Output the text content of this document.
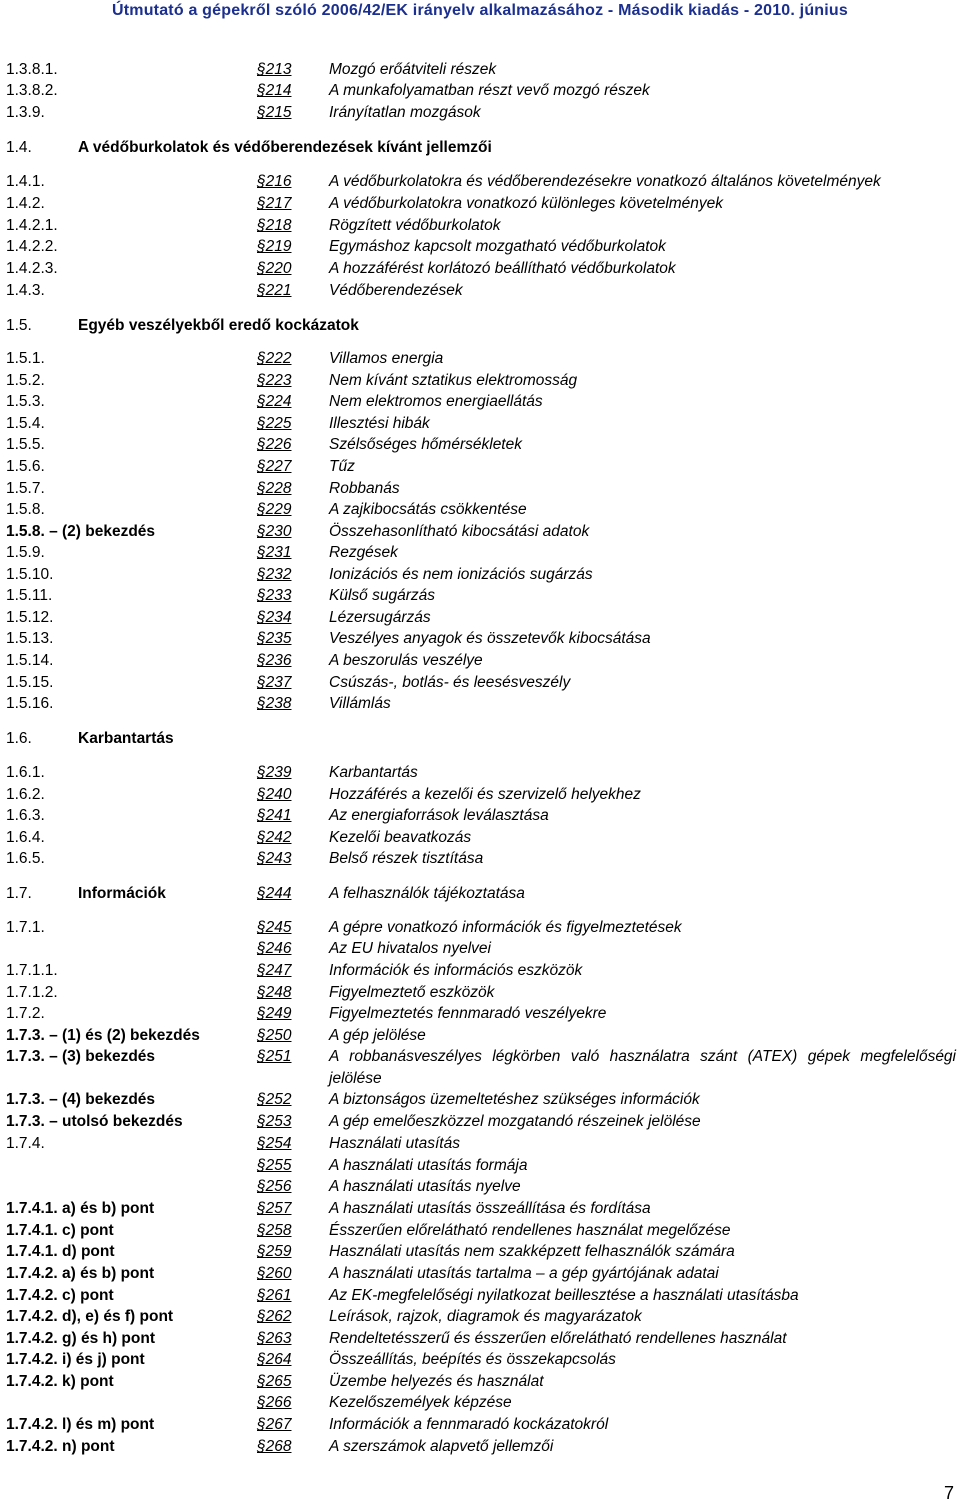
Útmutató a gépekről szóló 2006/42/EK irányelv alkalmazásához - Második kiadás - 2010. június
1.3.8.1.	§213 Mozgó erőátviteli részek
1.3.8.2.	§214 A munkafolyamatban részt vevő mozgó részek
1.3.9.	§215 Irányítatlan mozgások
1.4.	A védőburkolatok és védőberendezések kívánt jellemzői
1.4.1.	§216 A védőburkolatokra és védőberendezésekre vonatkozó általános követelmények
1.4.2.	§217 A védőburkolatokra vonatkozó különleges követelmények
1.4.2.1.	§218 Rögzített védőburkolatok
1.4.2.2.	§219 Egymáshoz kapcsolt mozgatható védőburkolatok
1.4.2.3.	§220 A hozzáférést korlátozó beállítható védőburkolatok
1.4.3.	§221 Védőberendezések
1.5.	Egyéb veszélyekből eredő kockázatok
1.5.1.	§222 Villamos energia
1.5.2.	§223 Nem kívánt sztatikus elektromosság
1.5.3.	§224 Nem elektromos energiaellátás
1.5.4.	§225 Illesztési hibák
1.5.5.	§226 Szélsőséges hőmérsékletek
1.5.6.	§227 Tűz
1.5.7.	§228 Robbanás
1.5.8.	§229 A zajkibocsátás csökkentése
1.5.8. – (2) bekezdés	§230 Összehasonlítható kibocsátási adatok
1.5.9.	§231 Rezgések
1.5.10.	§232 Ionizációs és nem ionizációs sugárzás
1.5.11.	§233 Külső sugárzás
1.5.12.	§234 Lézersugárzás
1.5.13.	§235 Veszélyes anyagok és összetevők kibocsátása
1.5.14.	§236 A beszorulás veszélye
1.5.15.	§237 Csúszás-, botlás- és leesésveszély
1.5.16.	§238 Villámlás
1.6.	Karbantartás
1.6.1.	§239 Karbantartás
1.6.2.	§240 Hozzáférés a kezelői és szervizelő helyekhez
1.6.3.	§241 Az energiaforrások leválasztása
1.6.4.	§242 Kezelői beavatkozás
1.6.5.	§243 Belső részek tisztítása
1.7.	Információk	§244 A felhasználók tájékoztatása
1.7.1.	§245 A gépre vonatkozó információk és figyelmeztetések
§246 Az EU hivatalos nyelvei
1.7.1.1.	§247 Információk és információs eszközök
1.7.1.2.	§248 Figyelmeztető eszközök
1.7.2.	§249 Figyelmeztetés fennmaradó veszélyekre
1.7.3. – (1) és (2) bekezdés	§250 A gép jelölése
1.7.3. – (3) bekezdés	§251 A robbanásveszélyes légkörben való használatra szánt (ATEX) gépek megfelelőségi
jelölése
1.7.3. – (4) bekezdés	§252 A biztonságos üzemeltetéshez szükséges információk
1.7.3. – utolsó bekezdés	§253 A gép emelőeszközzel mozgatandó részeinek jelölése
1.7.4.	§254 Használati utasítás
§255 A használati utasítás formája
§256 A használati utasítás nyelve
1.7.4.1. a) és b) pont	§257 A használati utasítás összeállítása és fordítása
1.7.4.1. c) pont	§258 Ésszerűen előrelátható rendellenes használat megelőzése
1.7.4.1. d) pont	§259 Használati utasítás nem szakképzett felhasználók számára
1.7.4.2. a) és b) pont	§260 A használati utasítás tartalma – a gép gyártójának adatai
1.7.4.2. c) pont	§261 Az EK-megfelelőségi nyilatkozat beillesztése a használati utasításba
1.7.4.2. d), e) és f) pont	§262 Leírások, rajzok, diagramok és magyarázatok
1.7.4.2. g) és h) pont	§263 Rendeltetésszerű és ésszerűen előrelátható rendellenes használat
1.7.4.2. i) és j) pont	§264 Összeállítás, beépítés és összekapcsolás
1.7.4.2. k) pont	§265 Üzembe helyezés és használat
§266 Kezelőszemélyek képzése
1.7.4.2. l) és m) pont	§267 Információk a fennmaradó kockázatokról
1.7.4.2. n) pont	§268 A szerszámok alapvető jellemzői
7
